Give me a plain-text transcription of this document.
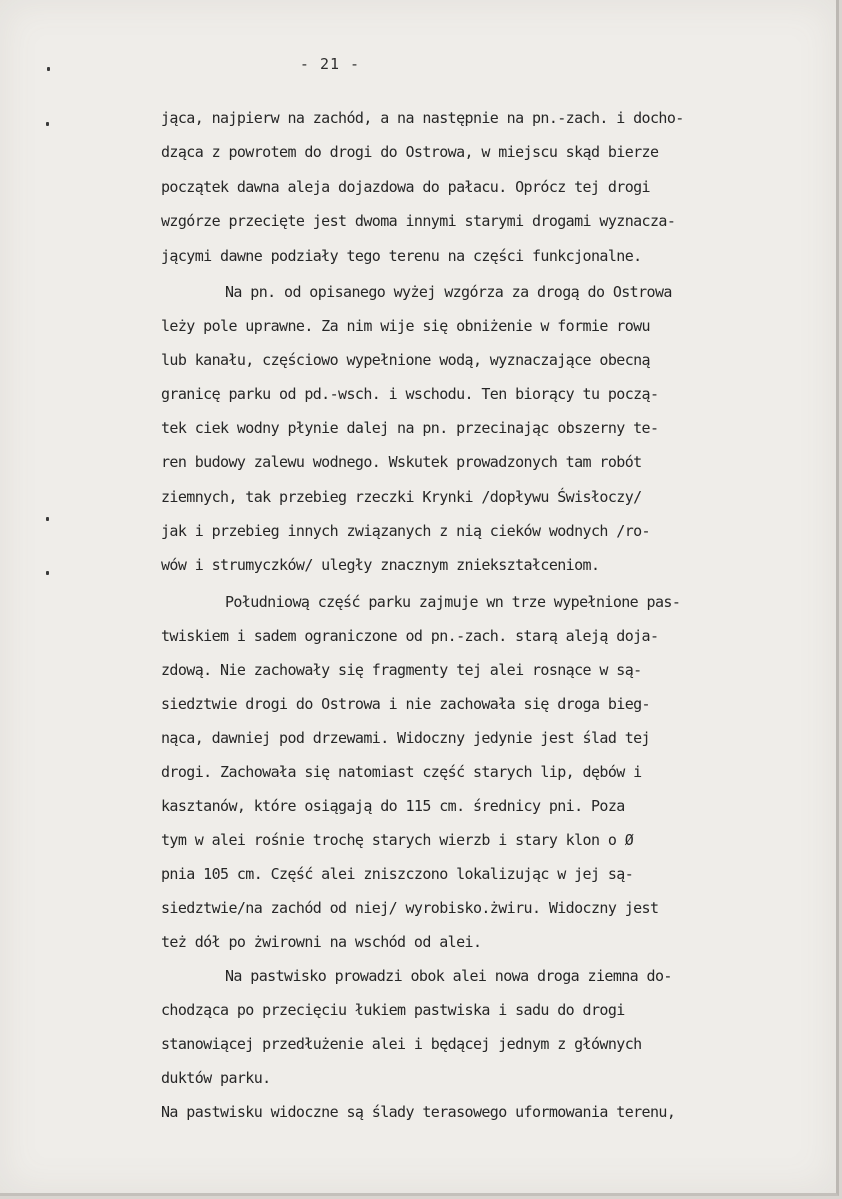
- 21 -

jąca, najpierw na zachód, a na następnie na pn.-zach. i docho-

dząca z powrotem do drogi do Ostrowa, w miejscu skąd bierze

początek dawna aleja dojazdowa do pałacu. Oprócz tej drogi

wzgórze przecięte jest dwoma innymi starymi drogami wyznacza-

jącymi dawne podziały tego terenu na części funkcjonalne.

Na pn. od opisanego wyżej wzgórza za drogą do Ostrowa

leży pole uprawne. Za nim wije się obniżenie w formie rowu

lub kanału, częściowo wypełnione wodą, wyznaczające obecną

granicę parku od pd.-wsch. i wschodu. Ten biorący tu począ-

tek ciek wodny płynie dalej na pn. przecinając obszerny te-

ren budowy zalewu wodnego. Wskutek prowadzonych tam robót

ziemnych, tak przebieg rzeczki Krynki /dopływu Świsłoczy/

jak i przebieg innych związanych z nią cieków wodnych /ro-

wów i strumyczków/ uległy znacznym zniekształceniom.

Południową część parku zajmuje wn trze wypełnione pas-

twiskiem i sadem ograniczone od pn.-zach. starą aleją doja-

zdową. Nie zachowały się fragmenty tej alei rosnące w są-

siedztwie drogi do Ostrowa i nie zachowała się droga bieg-

nąca, dawniej pod drzewami. Widoczny jedynie jest ślad tej

drogi. Zachowała się natomiast część starych lip, dębów i

kasztanów, które osiągają do 115 cm. średnicy pni. Poza

tym w alei rośnie trochę starych wierzb i stary klon o Ø

pnia 105 cm. Część alei zniszczono lokalizując w jej są-

siedztwie/na zachód od niej/ wyrobisko.żwiru. Widoczny jest

też dół po żwirowni na wschód od alei.

Na pastwisko prowadzi obok alei nowa droga ziemna do-

chodząca po przecięciu łukiem pastwiska i sadu do drogi

stanowiącej przedłużenie alei i będącej jednym z głównych

duktów parku.

Na pastwisku widoczne są ślady terasowego uformowania terenu,
